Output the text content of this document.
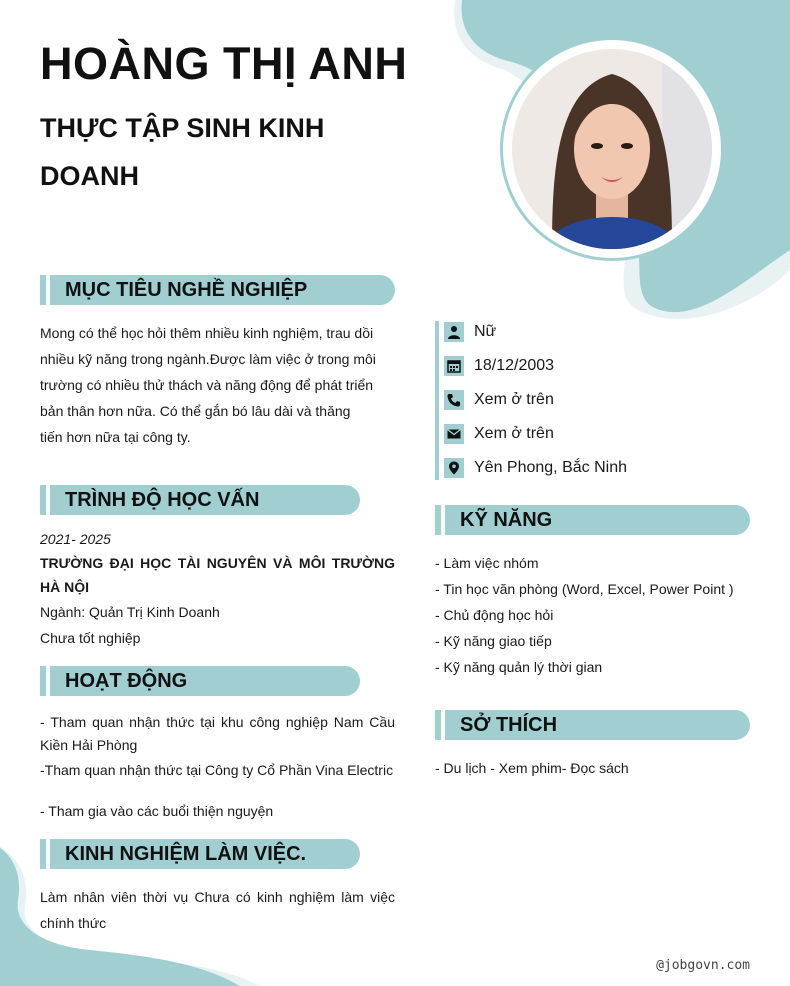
HOÀNG THỊ ANH
THỰC TẬP SINH KINH DOANH
MỤC TIÊU NGHỀ NGHIỆP
Mong có thể học hỏi thêm nhiều kinh nghiệm, trau dồi nhiều kỹ năng trong ngành.Được làm việc ở trong môi trường có nhiều thử thách và năng động để phát triển bản thân hơn nữa. Có thể gắn bó lâu dài và thăng tiến hơn nữa tại công ty.
TRÌNH ĐỘ HỌC VẤN
2021- 2025
TRƯỜNG ĐẠI HỌC TÀI NGUYÊN VÀ MÔI TRƯỜNG HÀ NỘI
Ngành: Quản Trị Kinh Doanh
Chưa tốt nghiệp
HOẠT ĐỘNG
- Tham quan nhận thức tại khu công nghiệp Nam Cầu Kiền Hải Phòng
-Tham quan nhận thức tại Công ty Cổ Phần Vina Electric
- Tham gia vào các buổi thiện nguyện
KINH NGHIỆM LÀM VIỆC.
Làm nhân viên thời vụ Chưa có kinh nghiệm làm việc chính thức
Nữ
18/12/2003
Xem ở trên
Xem ở trên
Yên Phong, Bắc Ninh
KỸ NĂNG
- Làm việc nhóm
- Tin học văn phòng (Word, Excel, Power Point )
- Chủ động học hỏi
- Kỹ năng giao tiếp
- Kỹ năng quản lý thời gian
SỞ THÍCH
- Du lịch - Xem phim- Đọc sách
@jobgovn.com
